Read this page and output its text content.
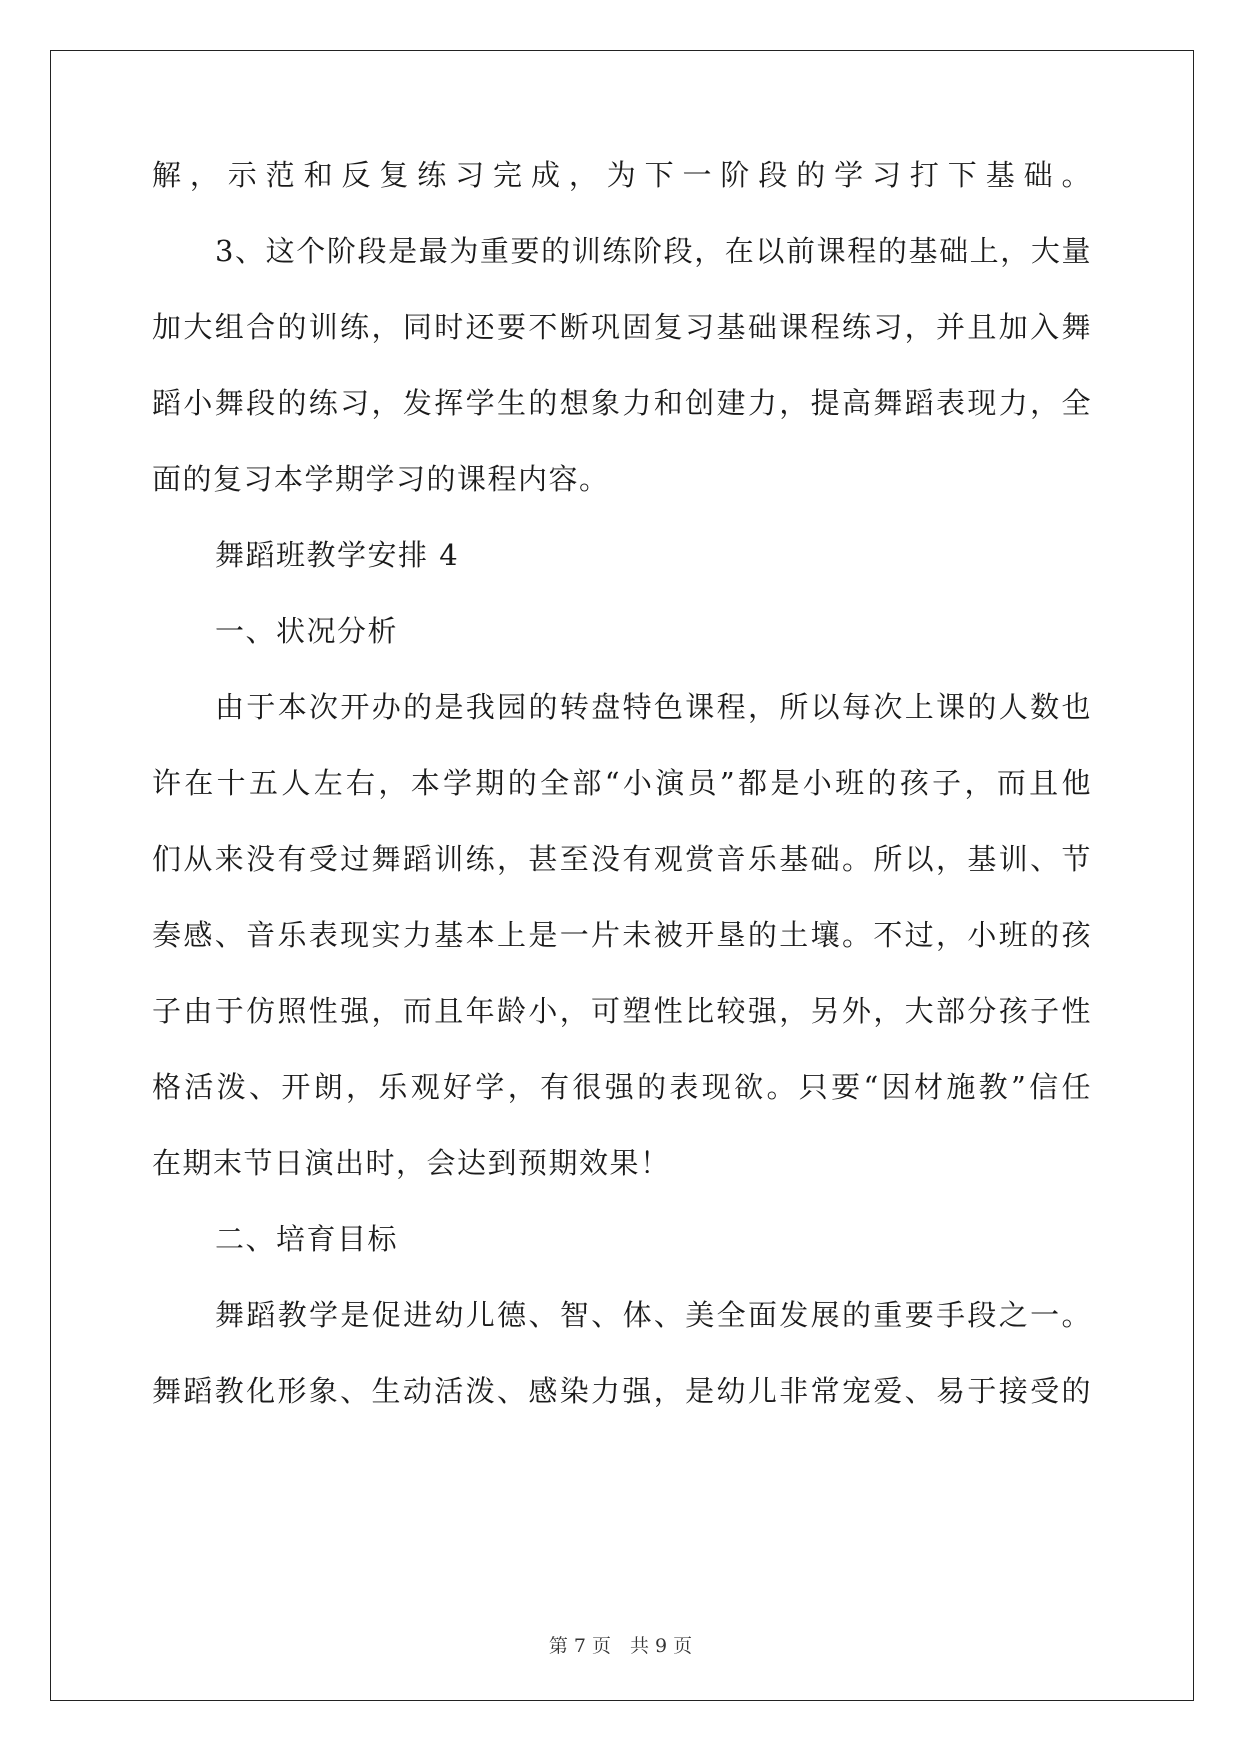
解，示范和反复练习完成，为下一阶段的学习打下基础。

3、这个阶段是最为重要的训练阶段，在以前课程的基础上，大量

加大组合的训练，同时还要不断巩固复习基础课程练习，并且加入舞

蹈小舞段的练习，发挥学生的想象力和创建力，提高舞蹈表现力，全

面的复习本学期学习的课程内容。

舞蹈班教学安排 4

一、状况分析

由于本次开办的是我园的转盘特色课程，所以每次上课的人数也

许在十五人左右，本学期的全部“小演员”都是小班的孩子，而且他

们从来没有受过舞蹈训练，甚至没有观赏音乐基础。所以，基训、节

奏感、音乐表现实力基本上是一片未被开垦的土壤。不过，小班的孩

子由于仿照性强，而且年龄小，可塑性比较强，另外，大部分孩子性

格活泼、开朗，乐观好学，有很强的表现欲。只要“因材施教”信任

在期末节日演出时，会达到预期效果！

二、培育目标

舞蹈教学是促进幼儿德、智、体、美全面发展的重要手段之一。

舞蹈教化形象、生动活泼、感染力强，是幼儿非常宠爱、易于接受的

第 7 页　共 9 页
